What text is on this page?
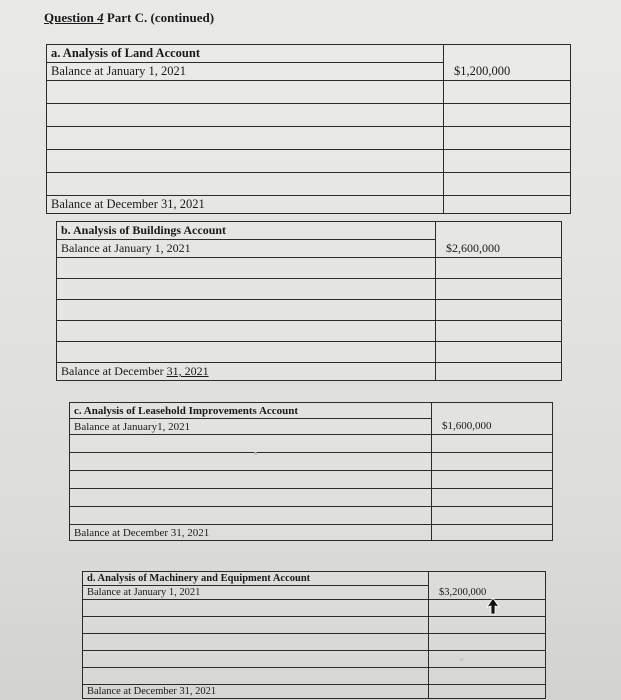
Question 4 Part C. (continued)
a. Analysis of Land Account	
Balance at January 1, 2021	$1,200,000

Balance at December 31, 2021	
b. Analysis of Buildings Account	
Balance at January 1, 2021	$2,600,000

Balance at December 31, 2021	
c. Analysis of Leasehold Improvements Account	
Balance at January1, 2021	$1,600,000

Balance at December 31, 2021	
d. Analysis of Machinery and Equipment Account	
Balance at January 1, 2021	$3,200,000

Balance at December 31, 2021	
